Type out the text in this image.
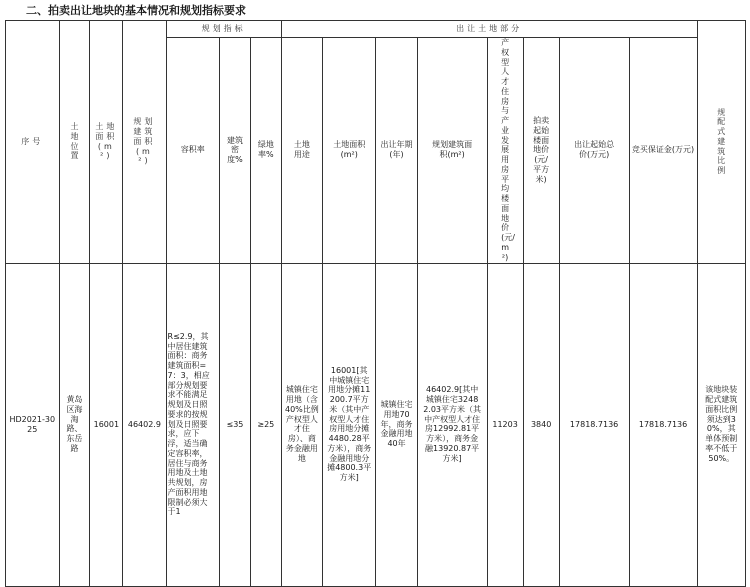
二、拍卖出让地块的基本情况和规划指标要求
序号	土地位置	土地面积(m²)	规划建筑面积(m²)	规划指标			出让土地部分								规配式建筑比例
				容积率	建筑密度%	绿地率%	土地用途	土地面积(m²)	出让年期(年)	规划建筑面积(m²)	产权型人才住房与产业发展用房平均楼面地价(元/m²)	拍卖起始楼面地价(元/平方米)	出让起始总价(万元)	竞买保证金(万元)	
HD2021-3025	黄岛区海淘路、东岳路	16001	46402.9	R≤2.9，其中居住建筑面积：商务建筑面积=7：3，相应部分规划要求不能满足规划及日照要求的按规划及日照要求，应下浮，适当确定容积率，居住与商务用地及土地共规划，房产面积用地限制必须大于1	≤35	≥25	城镇住宅用地（含40%比例产权型人才住房）、商务金融用地	16001[其中城镇住宅用地分摊11200.7平方米（其中产权型人才住房用地分摊4480.28平方米），商务金融用地分摊4800.3平方米]	城镇住宅用地70年，商务金融用地40年	46402.9[其中城镇住宅32482.03平方米（其中产权型人才住房12992.81平方米），商务金融13920.87平方米]	11203	3840	17818.7136	17818.7136	该地块装配式建筑面积比例须达到30%，其单体预制率不低于50%。
